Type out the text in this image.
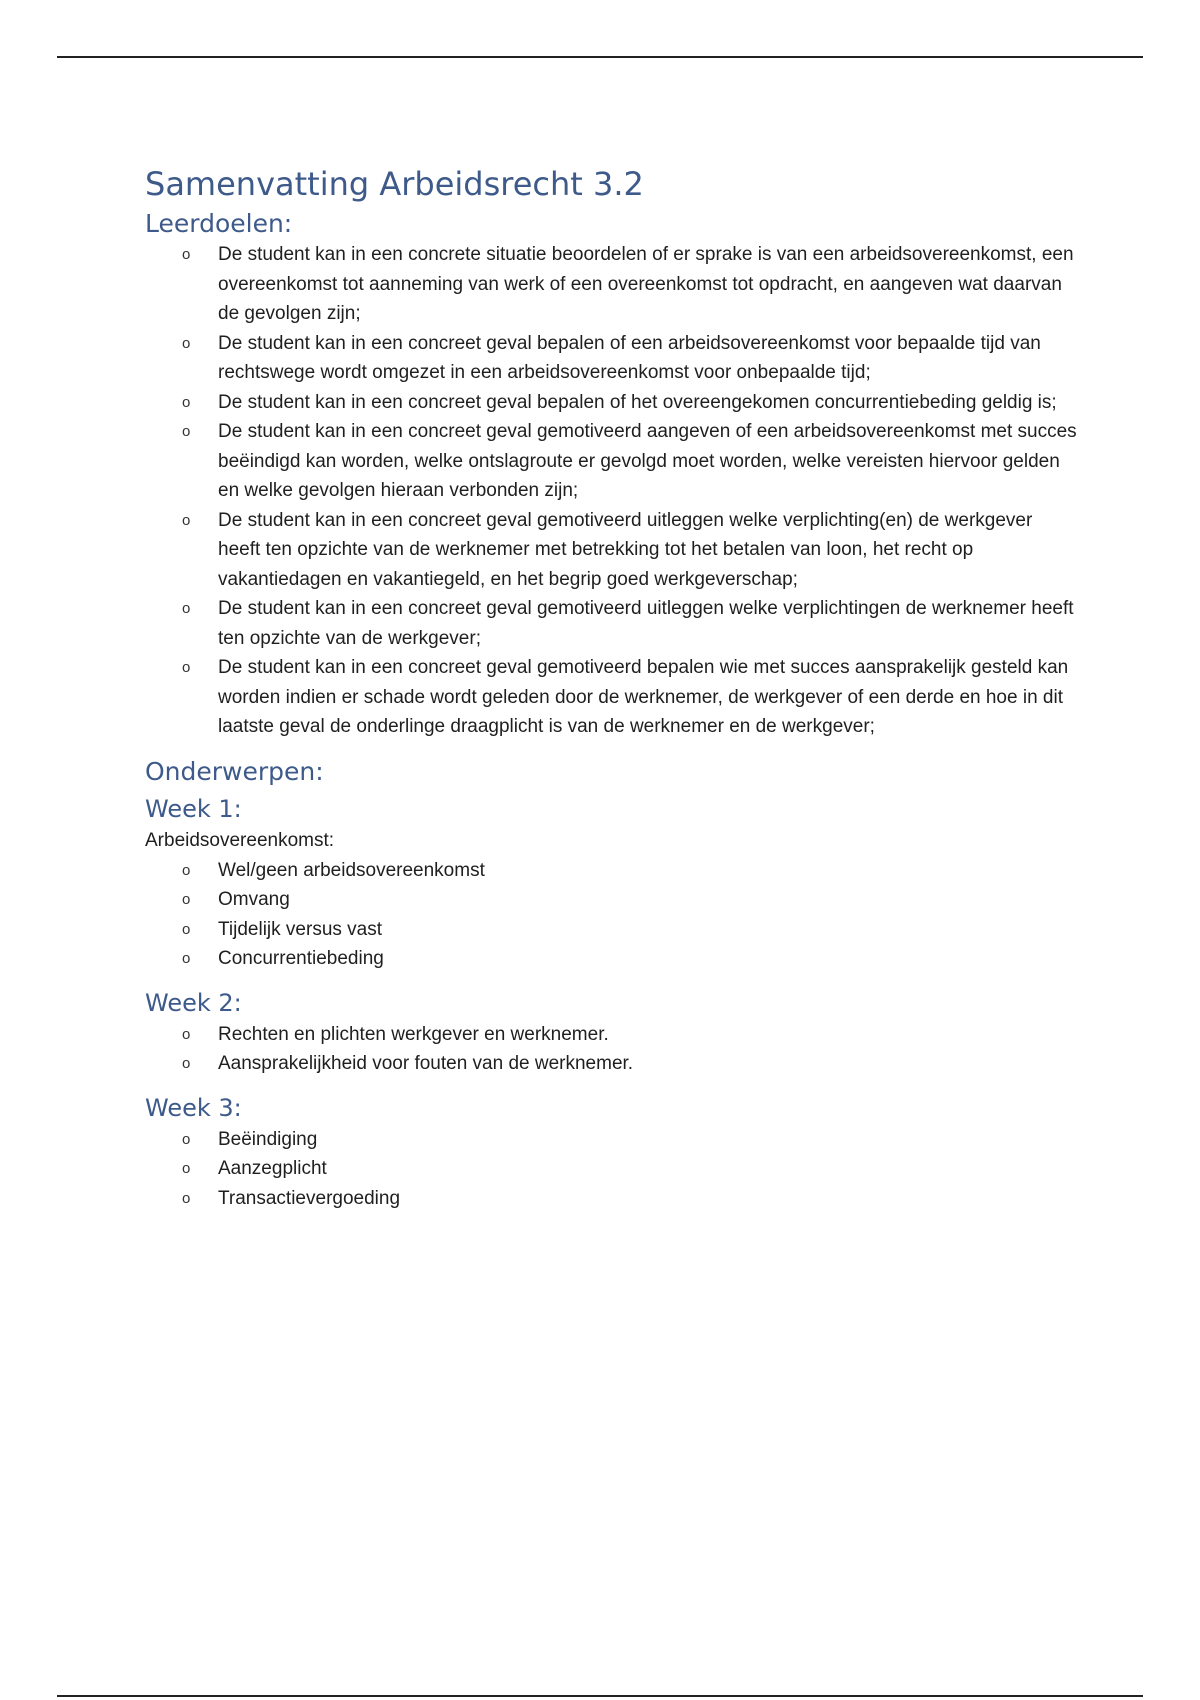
Samenvatting Arbeidsrecht 3.2
Leerdoelen:
o De student kan in een concrete situatie beoordelen of er sprake is van een arbeidsovereenkomst, een overeenkomst tot aanneming van werk of een overeenkomst tot opdracht, en aangeven wat daarvan de gevolgen zijn;
o De student kan in een concreet geval bepalen of een arbeidsovereenkomst voor bepaalde tijd van rechtswege wordt omgezet in een arbeidsovereenkomst voor onbepaalde tijd;
o De student kan in een concreet geval bepalen of het overeengekomen concurrentiebeding geldig is;
o De student kan in een concreet geval gemotiveerd aangeven of een arbeidsovereenkomst met succes beëindigd kan worden, welke ontslagroute er gevolgd moet worden, welke vereisten hiervoor gelden en welke gevolgen hieraan verbonden zijn;
o De student kan in een concreet geval gemotiveerd uitleggen welke verplichting(en) de werkgever heeft ten opzichte van de werknemer met betrekking tot het betalen van loon, het recht op vakantiedagen en vakantiegeld, en het begrip goed werkgeverschap;
o De student kan in een concreet geval gemotiveerd uitleggen welke verplichtingen de werknemer heeft ten opzichte van de werkgever;
o De student kan in een concreet geval gemotiveerd bepalen wie met succes aansprakelijk gesteld kan worden indien er schade wordt geleden door de werknemer, de werkgever of een derde en hoe in dit laatste geval de onderlinge draagplicht is van de werknemer en de werkgever;
Onderwerpen:
Week 1:

Arbeidsovereenkomst:

o Wel/geen arbeidsovereenkomst
o Omvang
o Tijdelijk versus vast
o Concurrentiebeding
Week 2:
o Rechten en plichten werkgever en werknemer.
o Aansprakelijkheid voor fouten van de werknemer.
Week 3:
o Beëindiging
o Aanzegplicht
o Transactievergoeding
